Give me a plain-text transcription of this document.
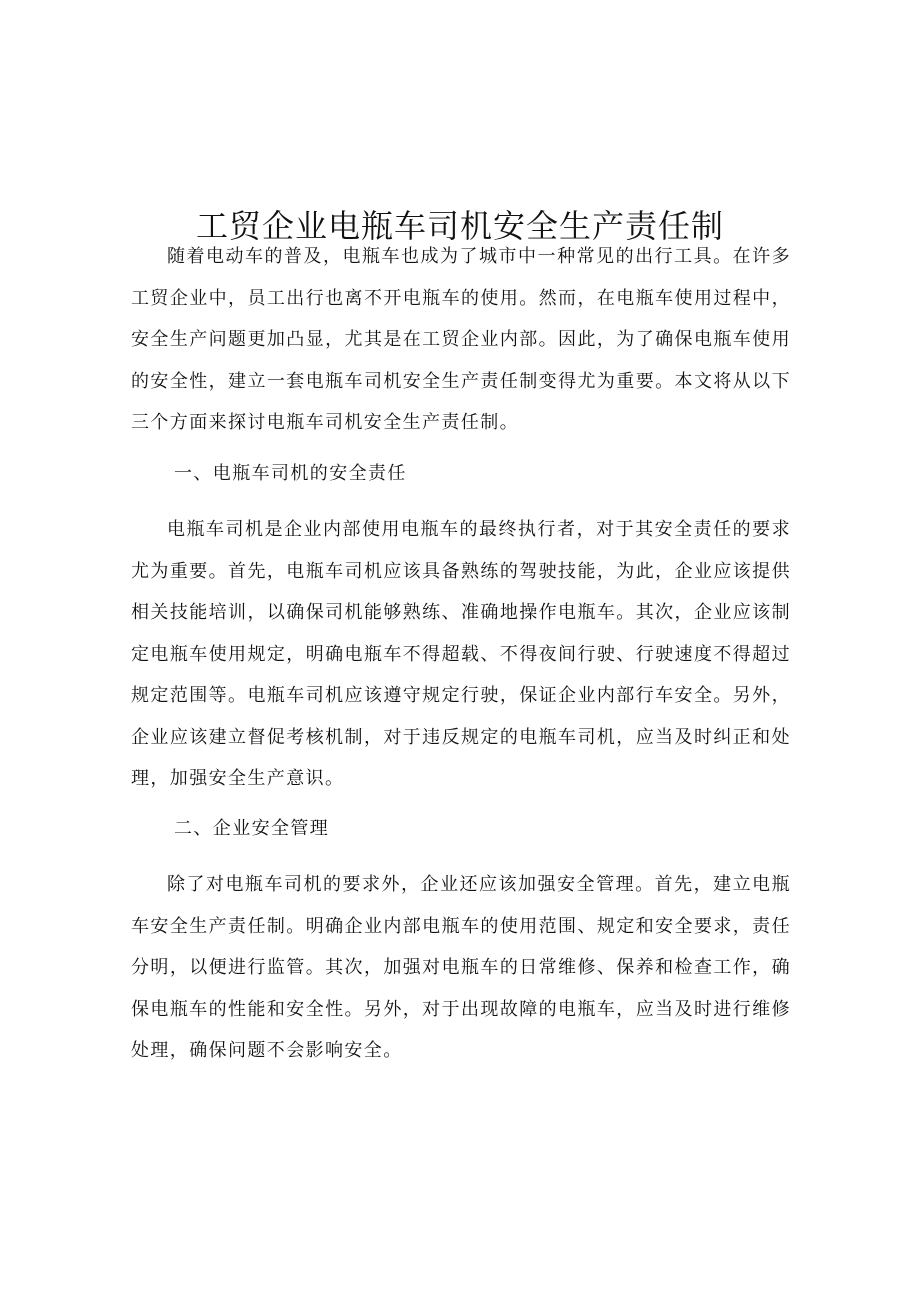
工贸企业电瓶车司机安全生产责任制

随着电动车的普及，电瓶车也成为了城市中一种常见的出行工具。在许多工贸企业中，员工出行也离不开电瓶车的使用。然而，在电瓶车使用过程中，安全生产问题更加凸显，尤其是在工贸企业内部。因此，为了确保电瓶车使用的安全性，建立一套电瓶车司机安全生产责任制变得尤为重要。本文将从以下三个方面来探讨电瓶车司机安全生产责任制。

一、电瓶车司机的安全责任

电瓶车司机是企业内部使用电瓶车的最终执行者，对于其安全责任的要求尤为重要。首先，电瓶车司机应该具备熟练的驾驶技能，为此，企业应该提供相关技能培训，以确保司机能够熟练、准确地操作电瓶车。其次，企业应该制定电瓶车使用规定，明确电瓶车不得超载、不得夜间行驶、行驶速度不得超过规定范围等。电瓶车司机应该遵守规定行驶，保证企业内部行车安全。另外，企业应该建立督促考核机制，对于违反规定的电瓶车司机，应当及时纠正和处理，加强安全生产意识。

二、企业安全管理

除了对电瓶车司机的要求外，企业还应该加强安全管理。首先，建立电瓶车安全生产责任制。明确企业内部电瓶车的使用范围、规定和安全要求，责任分明，以便进行监管。其次，加强对电瓶车的日常维修、保养和检查工作，确保电瓶车的性能和安全性。另外，对于出现故障的电瓶车，应当及时进行维修处理，确保问题不会影响安全。
